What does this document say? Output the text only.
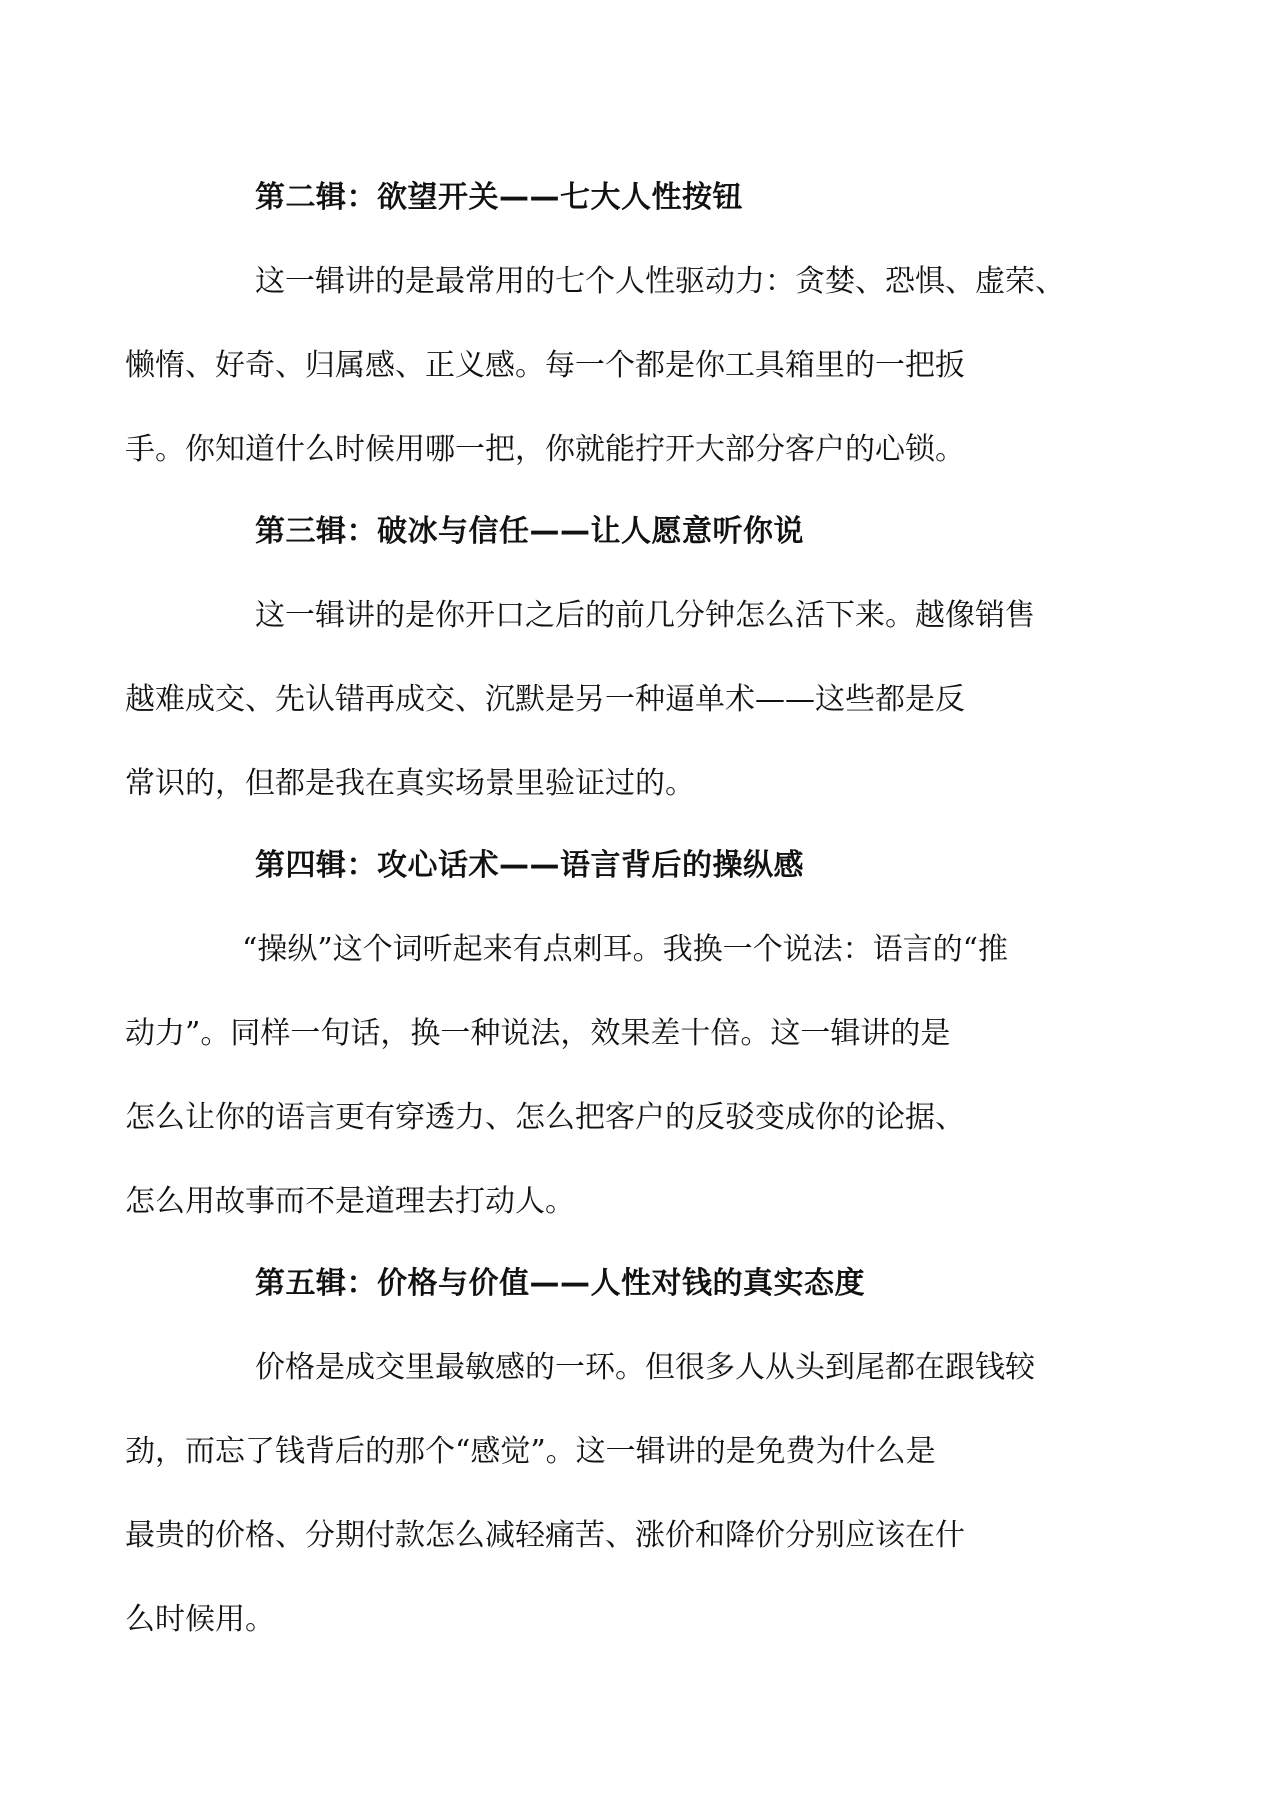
第二辑：欲望开关——七大人性按钮

这一辑讲的是最常用的七个人性驱动力：贪婪、恐惧、虚荣、
懒惰、好奇、归属感、正义感。每一个都是你工具箱里的一把扳
手。你知道什么时候用哪一把，你就能拧开大部分客户的心锁。

第三辑：破冰与信任——让人愿意听你说

这一辑讲的是你开口之后的前几分钟怎么活下来。越像销售
越难成交、先认错再成交、沉默是另一种逼单术——这些都是反
常识的，但都是我在真实场景里验证过的。

第四辑：攻心话术——语言背后的操纵感

“操纵”这个词听起来有点刺耳。我换一个说法：语言的“推
动力”。同样一句话，换一种说法，效果差十倍。这一辑讲的是
怎么让你的语言更有穿透力、怎么把客户的反驳变成你的论据、
怎么用故事而不是道理去打动人。

第五辑：价格与价值——人性对钱的真实态度

价格是成交里最敏感的一环。但很多人从头到尾都在跟钱较
劲，而忘了钱背后的那个“感觉”。这一辑讲的是免费为什么是
最贵的价格、分期付款怎么减轻痛苦、涨价和降价分别应该在什
么时候用。
